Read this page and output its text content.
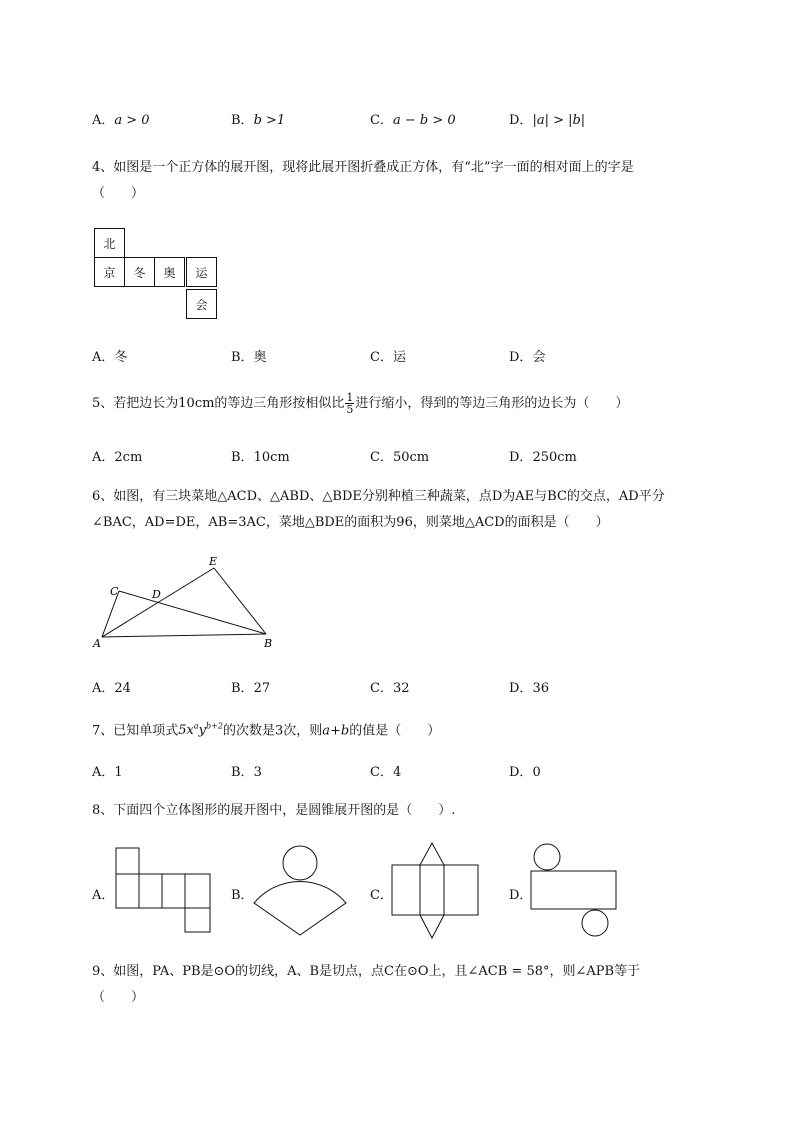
A．a > 0	B．b >1	C．a − b > 0	D．|a| > |b|
4、如图是一个正方体的展开图，现将此展开图折叠成正方体，有“北”字一面的相对面上的字是
（　　）
北
京	冬	奥	运
会
A．冬	B．奥	C．运	D．会
5、若把边长为10cm的等边三角形按相似比 $\frac{1}{5}$ 进行缩小，得到的等边三角形的边长为（　　）
A．2cm	B．10cm	C．50cm	D．250cm
6、如图，有三块菜地△ACD、△ABD、△BDE分别种植三种蔬菜，点D为AE与BC的交点，AD平分
∠BAC，AD=DE，AB=3AC，菜地△BDE的面积为96，则菜地△ACD的面积是（　　）
A	B
C	D
E
A．24	B．27	C．32	D．36
7、已知单项式$5x^ay^{b+2}$的次数是3次，则a+b的值是（　　）
A．1	B．3	C．4	D．0
8、下面四个立体图形的展开图中，是圆锥展开图的是（　　）.
A．	B．	C．	D．
9、如图，PA、PB是⊙O的切线，A、B是切点，点C在⊙O上，且∠ACB = 58°，则∠APB等于
（　　）
